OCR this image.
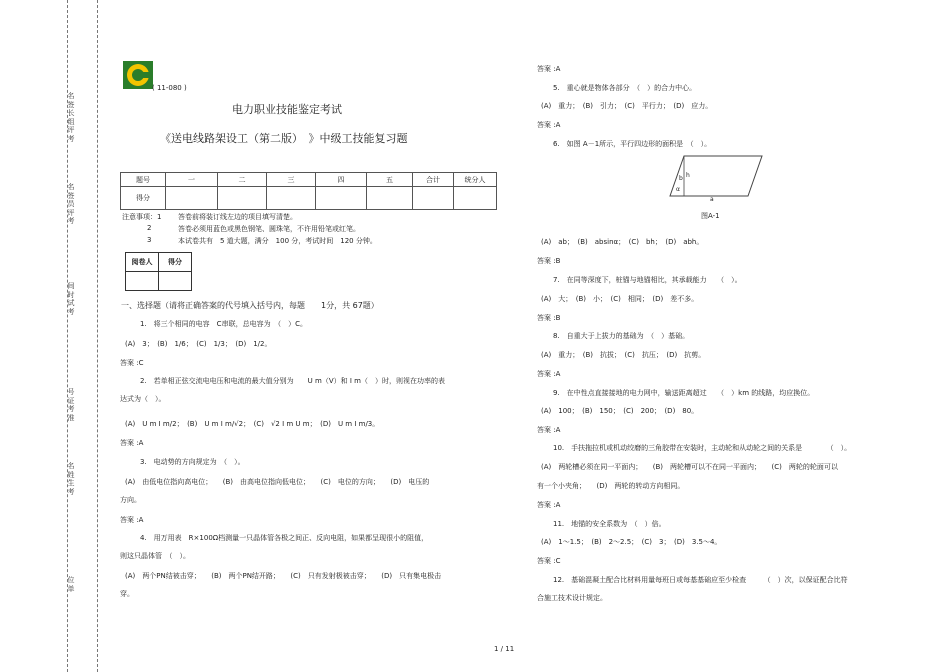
名签长组评考
名签员评考
间时试考
号证考准
名姓生考
位单
( 11-080 )
电力职业技能鉴定考试
《送电线路架设工（第二版）　》中级工技能复习题
题号	一	二	三	四	五	合计	统分人
得分							
注意事项：1 答卷前将装订线左边的项目填写清楚。
2	答卷必须用蓝色或黑色钢笔、圆珠笔，不许用铅笔或红笔。
3	本试卷共有　5 道大题，满分　100 分，考试时间　120 分钟。
阅卷人	得分

一、选择题（请将正确答案的代号填入括号内，每题　　1分，共 67题）
1.　将三个相同的电容　C串联，总电容为　（　）C。
(A)　3；　(B)　1/6；　(C)　1/3；　(D)　1/2。
答案 :C
2.　若单相正弦交流电电压和电流的最大值分别为　　U m（V）和 I m（　）时，则视在功率的表
达式为（　）。
(A)　U m I m/2；　(B)　U m I m/√2；　(C)　√2 I m U m；　(D)　U m I m/3。
答案 :A
3.　电动势的方向规定为　（　）。
(A)　由低电位指向高电位；　　(B)　由高电位指向低电位；　　(C)　电位的方向；　　(D)　电压的
方向。
答案 :A
4.　用万用表　R×100Ω档测量一只晶体管各极之间正、反向电阻，如果都呈现很小的阻值，
则这只晶体管　（　）。
(A)　两个PN结被击穿；　　(B)　两个PN结开路；　　(C)　只有发射极被击穿；　　(D)　只有集电极击
穿。
答案 :A
5.　重心就是物体各部分　（　）的合力中心。
(A)　重力；　(B)　引力；　(C)　平行力；　(D)　应力。
答案 :A
6.　如图 A－1所示，平行四边形的面积是　（　）。
(A)　ab；　(B)　absinα；　(C)　bh；　(D)　abh。
答案 :B
7.　在同等深度下，桩锚与地锚相比，其承载能力　　（　）。
(A)　大；　(B)　小；　(C)　相同；　(D)　差不多。
答案 :B
8.　自重大于上拔力的基础为　（　）基础。
(A)　重力；　(B)　抗拔；　(C)　抗压；　(D)　抗剪。
答案 :A
9.　在中性点直接接地的电力网中，输送距离超过　　（　）km 的线路，均应换位。
(A)　100；　(B)　150；　(C)　200；　(D)　80。
答案 :A
10.　手扶拖拉机或机动绞磨的三角胶带在安装时，主动轮和从动轮之间的关系是　　　　（　）。
(A)　两轮槽必须在同一平面内；　　(B)　两轮槽可以不在同一平面内；　　(C)　两轮的轮面可以
有一个小夹角；　　(D)　两轮的转动方向相同。
答案 :A
11.　地锚的安全系数为　（　）倍。
(A)　1～1.5；　(B)　2～2.5；　(C)　3；　(D)　3.5～4。
答案 :C
12.　基础混凝土配合比材料用量每班日或每基基础应至少检查　　　（　）次，以保证配合比符
合施工技术设计规定。
h
b
α
a
图A-1
1 / 11
